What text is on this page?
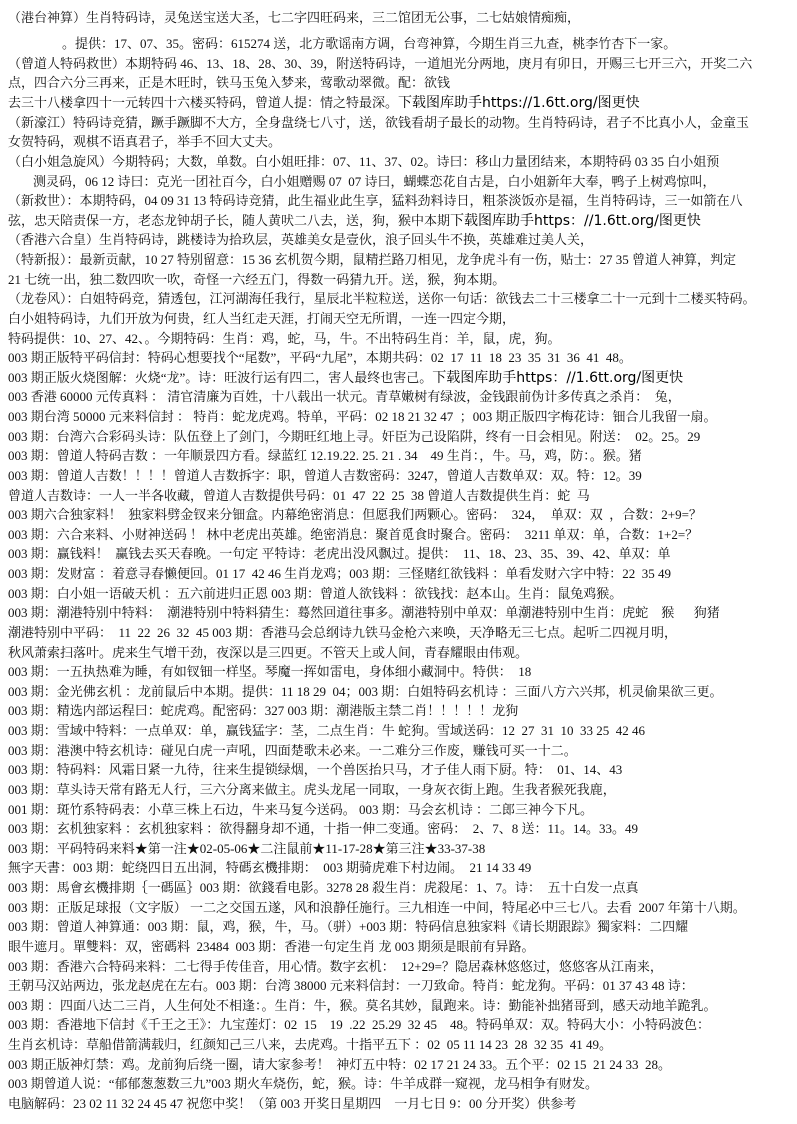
（港台神算）生肖特码诗，灵兔送宝送大圣，七二字四旺码来，三二馆团无公事，二七姑娘情痴痴，
。提供：17、07、35。密码：615274 送，北方歌谣南方调，台弯神算，今期生肖三九查，桃李竹杏下一家。
（曾道人特码救世）本期特码 46、13、18、28、30、39，附送特码诗，一道旭光分两地，庚月有卯日，开赐三七开三六，开奖二六
点，四合六分三再来，正是木旺时，铁马玉兔入梦来，莺歌动翠微。配：欲钱
去三十八楼拿四十一元转四十六楼买特码，曾道人提：情之特最深。下载图库助手https://1.6tt.org/图更快
（新濠江）特码诗竞猜，蹶手蹶脚不大方，全身盘绕七八寸，送，欲钱看胡子最长的动物。生肖特码诗，君子不比真小人，金童玉
女贺特码，观棋不语真君子，举手不回大丈夫。
（白小姐急旋风）今期特码；大数，单数。白小姐旺排：07、11、37、02。诗曰：移山力量团结来，本期特码 03 35 白小姐预
测灵码，06 12 诗曰：克光一团社百今，白小姐赠赐 07  07 诗曰，蝴蝶恋花自古是，白小姐新年大奉，鸭子上树鸡惊叫，
（新救世）：本期特码，04 09 31 13 特码诗竞猜，此生福业此生享，猛料劲料诗日，粗茶淡饭亦是福，生肖特码诗，三一如箭在八
弦，忠天陪责保一方，老态龙钟胡子长，随人黄吠二八去，送，狗，猴中本期下载图库助手https：//1.6tt.org/图更快
（香港六合皇）生肖特码诗，跳楼诗为拾玖层，英雄美女是壹伙，浪子回头牛不换，英雄难过美人关，
（特新报）：最新贡献，10 27 特别留意：15 36 玄机贺今期，鼠精拦路刀相见，龙争虎斗有一伤，贴士：27 35 曾道人神算，判定
21 七统一出，独二数四吹一吹，奇怪一六经五门，得数一码猜九开。送，猴，狗本期。
（龙卷风）：白姐特码竞，猜透包，江河湖海任我行，星辰北半粒粒送，送你一句话：欲钱去二十三楼拿二十一元到十二楼买特码。
白小姐特码诗，九们开放为何贵，红人当红走天涯，打闹天空无所谓，一连一四定今期，
特码提供：10、27、42、。今期特码：生肖：鸡，蛇，马，牛。不出特码生肖：羊，鼠，虎，狗。
003 期正版特平码信封：特码心想要找个“尾数”，平码“九尾”，本期共码：02  17  11  18  23  35  31  36  41  48。
003 期正版火烧图解：火烧“龙”。诗：旺波行运有四二，害人最终也害己。下载图库助手https：//1.6tt.org/图更快
003 香港 60000 元传真料 ： 清官清廉为百姓，十八载出一状元。青草嫩树有绿波，金钱跟前伪计多传真之杀肖：  兔，
003 期台湾 50000 元来料信封 ： 特肖：蛇龙虎鸡。特单，平码：02 18 21 32 47  ；003 期正版四字梅花诗：钿合儿我留一扇。
003 期：台湾六合彩码头诗：队伍登上了剑门，今期旺红地上寻。奸臣为己设陷阱，终有一日会相见。附送：  02。25。29
003 期：曾道人特码吉数 ：一年顺景四方看。绿蓝红 12.19.22. 25. 21 . 34    49 生肖：，牛。马，鸡，防：。猴。猪
003 期：曾道人吉数！！！！曾道人吉数拆字：职，曾道人吉数密码：3247，曾道人吉数单双：双。特：12。39
曾道人吉数诗：一人一半各收藏，曾道人吉数提供号码：01  47  22  25  38 曾道人吉数提供生肖：蛇  马
003 期六合独家料！  独家料劈金钗来分钿盒。内幕绝密消息：但愿我们两颗心。密码：  324，  单双：双  ，合数：2+9=？
003 期：六合来料、小财神送码 ！ 林中老虎出英雄。绝密消息：聚首觅食时聚合。密码：  3211 单双：单，合数：1+2=？
003 期：赢钱料！  赢钱去买天春晚。一句定 平特诗：老虎出没风飘过。提供：  11、18、23、35、39、42、单双：单
003 期：发财富 ：着意寻春懒便回。01 17  42 46 生肖龙鸡；003 期：三怪赌红欲钱料 ：单看发财六字中特：22  35 49
003 期：白小姐一语破天机 ：五六前进归正恩 003 期：曾道人欲钱料 ：欲钱找：赵本山。生肖：鼠兔鸡猴。
003 期：潮港特别中特料：  潮港特别中特料猜生：蓦然回道往事多。潮港特别中单双：单潮港特别中生肖：虎蛇    猴      狗猪
潮港特别中平码：  11  22  26  32  45 003 期：香港马会总纲诗九铁马金枪六来唤，天净略无三七点。起听二四视月明，
秋风萧索扫落叶。虎来生气增干劲，夜深以是三四更。不管天上或人间，青春耀眼由伟观。
003 期：一五执热难为睡，有如钗钿一样坚。琴魔一挥如雷电，身体细小藏洞中。特供：  18
003 期：金光佛玄机 ：龙前鼠后中本期。提供：11 18 29  04；003 期：白姐特码玄机诗 ：三面八方六兴邦，机灵偷果欲三更。
003 期：精选内部运程曰：蛇虎鸡。配密码：327 003 期：潮港版主禁二肖！！！！！龙狗
003 期：雪域中特料：一点单双：单，赢钱猛字：茎，二点生肖：牛 蛇狗。雪域送码：12  27  31  10  33 25  42 46
003 期：港澳中特玄机诗：碰见白虎一声吼，四面楚歌未必来。一二难分三作废，赚钱可买一十二。
003 期：特码料：风霜日紧一九待，往来生提锁绿烟，一个兽医抬只马，才子佳人雨下厨。特：  01、14、43
003 期：草头诗天常有路无人行，三六分离来做主。虎头龙尾一同取，一身灰衣街上跑。生我者猴死我鹿，
001 期：斑竹系特码表：小草三株上石边，牛来马复今送码。 003 期：马会玄机诗 ：二郎三神今下凡。
003 期：玄机独家料 ：玄机独家料 ：欲得翻身却不通，十指一伸二变通。密码：  2、7、8 送：11。14。33。49
003 期：平码特码来料★第一注★02-05-06★二注鼠前★11-17-28★第三注★33-37-38
無字天書：003 期：蛇绕四日五出洞，特碼玄機排期：  003 期骑虎难下村边闹。  21 14 33 49
003 期：馬會玄機排期｛一碼區｝003 期：欲錢看电影。3278 28 殺生肖：虎殺尾：1、7。诗：  五十白发一点真
003 期：正版足球报（文字版） 一二之交国五遂，风和浪静任施行。三九相连一中间，特尾必中三七八。去看  2007 年第十八期。
003 期：曾道人神算通：003 期：鼠，鸡，猴，牛，马。（骈）+003 期：特码信息独家料《请长期跟踪》獨家料：二四耀
眼牛遮月。單雙料：双，密碼料  23484  003 期：香港一句定生肖 龙 003 期须是眼前有异路。
003 期：香港六合特码来料：二七得手传佳音，用心情。数字玄机：  12+29=？隐居森林悠悠过，悠悠客从江南来，
王朝马汉站两边，张龙赵虎在左右。003 期：台湾 38000 元来料信封：一刀致命。特肖：蛇龙狗。平码：01 37 43 48 诗：
003 期 ：四面八达二三肖，人生何处不相逢：。生肖：牛，猴。莫名其妙，鼠跑来。诗：勤能补拙猪哥到，感天动地羊跪乳。
003 期：香港地下信封《千王之王》：九宝莲灯：02  15    19  .22  25.29  32 45    48。特码单双：双。特码大小：小特码波色：
生肖玄机诗：草船借箭满载归，红颜知己三八来，去虎鸡。十指平五下 ：02  05 11 14 23  28  32 35  41 49。
003 期正版神灯禁：鸡。龙前狗后绕一圈，请大家参考！  神灯五中特：02 17 21 24 33。五个平：02 15  21 24 33  28。
003 期曾道人说：“郁郁葱葱数三九”003 期火车烧伤，蛇，猴。诗：牛羊成群一窥视，龙马相争有财发。
电脑解码：23 02 11 32 24 45 47 祝您中奖！（第 003 开奖日星期四    一月七日 9：00 分开奖）供参考
